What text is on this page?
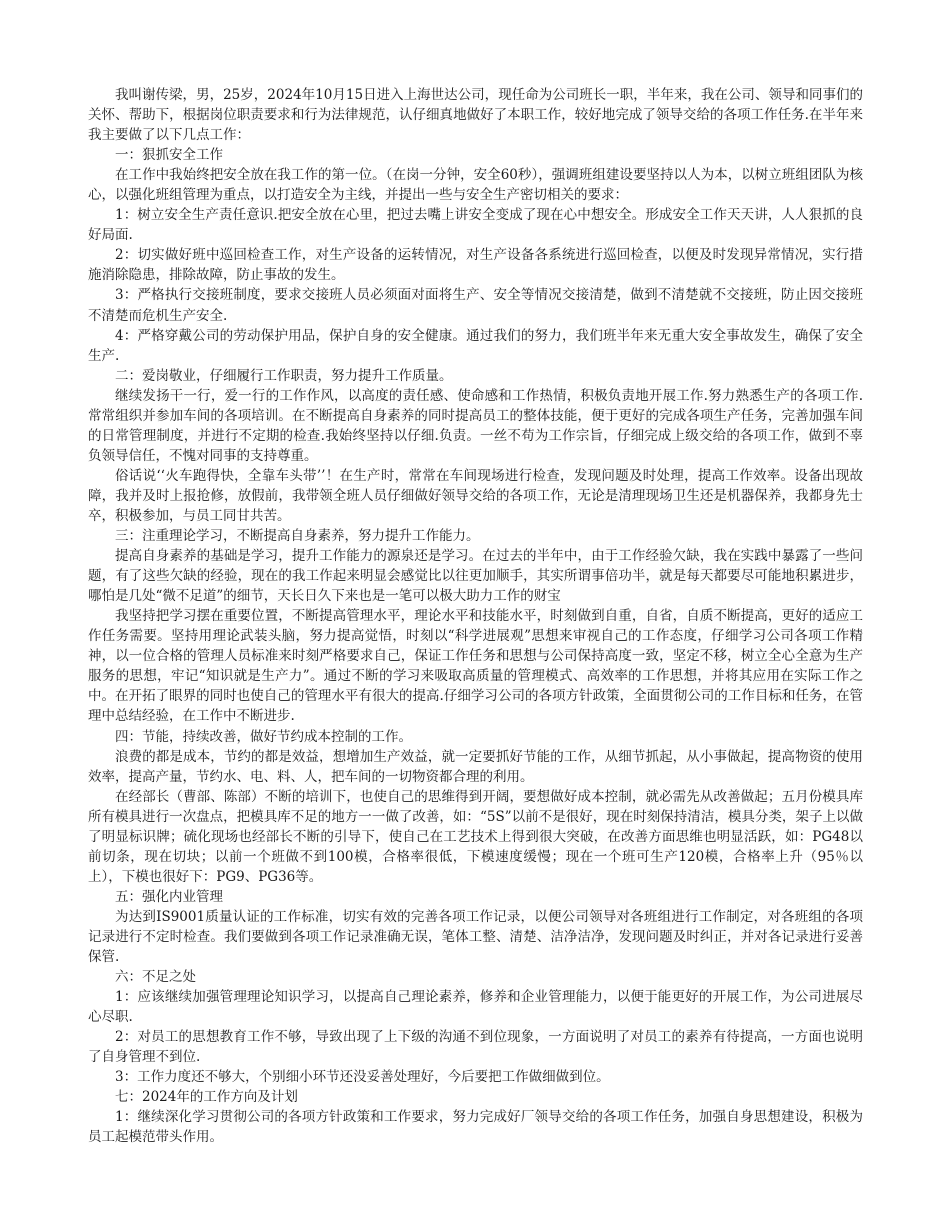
我叫谢传梁，男，25岁，2024年10月15日进入上海世达公司，现任命为公司班长一职，半年来，我在公司、领导和同事们的关怀、帮助下，根据岗位职责要求和行为法律规范，认仔细真地做好了本职工作，较好地完成了领导交给的各项工作任务.在半年来我主要做了以下几点工作：

一：狠抓安全工作

在工作中我始终把安全放在我工作的第一位。（在岗一分钟，安全60秒），强调班组建设要坚持以人为本，以树立班组团队为核心，以强化班组管理为重点，以打造安全为主线，并提出一些与安全生产密切相关的要求：

1：树立安全生产责任意识.把安全放在心里，把过去嘴上讲安全变成了现在心中想安全。形成安全工作天天讲，人人狠抓的良好局面.

2：切实做好班中巡回检查工作，对生产设备的运转情况，对生产设备各系统进行巡回检查，以便及时发现异常情况，实行措施消除隐患，排除故障，防止事故的发生。

3：严格执行交接班制度，要求交接班人员必须面对面将生产、安全等情况交接清楚，做到不清楚就不交接班，防止因交接班不清楚而危机生产安全.

4：严格穿戴公司的劳动保护用品，保护自身的安全健康。通过我们的努力，我们班半年来无重大安全事故发生，确保了安全生产.

二：爱岗敬业，仔细履行工作职责，努力提升工作质量。

继续发扬干一行，爱一行的工作作风，以高度的责任感、使命感和工作热情，积极负责地开展工作.努力熟悉生产的各项工作.常常组织并参加车间的各项培训。在不断提高自身素养的同时提高员工的整体技能，便于更好的完成各项生产任务，完善加强车间的日常管理制度，并进行不定期的检查.我始终坚持以仔细.负责。一丝不苟为工作宗旨，仔细完成上级交给的各项工作，做到不辜负领导信任，不愧对同事的支持尊重。

俗话说‘‘火车跑得快，全靠车头带’’！在生产时，常常在车间现场进行检查，发现问题及时处理，提高工作效率。设备出现故障，我并及时上报抢修，放假前，我带领全班人员仔细做好领导交给的各项工作，无论是清理现场卫生还是机器保养，我都身先士卒，积极参加，与员工同甘共苦。

三：注重理论学习，不断提高自身素养，努力提升工作能力。

提高自身素养的基础是学习，提升工作能力的源泉还是学习。在过去的半年中，由于工作经验欠缺，我在实践中暴露了一些问题，有了这些欠缺的经验，现在的我工作起来明显会感觉比以往更加顺手，其实所谓事倍功半，就是每天都要尽可能地积累进步，哪怕是几处“微不足道”的细节，天长日久下来也是一笔可以极大助力工作的财宝

我坚持把学习摆在重要位置，不断提高管理水平，理论水平和技能水平，时刻做到自重，自省，自质不断提高，更好的适应工作任务需要。坚持用理论武装头脑，努力提高觉悟，时刻以“科学进展观”思想来审视自己的工作态度，仔细学习公司各项工作精神，以一位合格的管理人员标准来时刻严格要求自己，保证工作任务和思想与公司保持高度一致，坚定不移，树立全心全意为生产服务的思想，牢记“知识就是生产力”。通过不断的学习来吸取高质量的管理模式、高效率的工作思想，并将其应用在实际工作之中。在开拓了眼界的同时也使自己的管理水平有很大的提高.仔细学习公司的各项方针政策，全面贯彻公司的工作目标和任务，在管理中总结经验，在工作中不断进步.

四：节能，持续改善，做好节约成本控制的工作。

浪费的都是成本，节约的都是效益，想增加生产效益，就一定要抓好节能的工作，从细节抓起，从小事做起，提高物资的使用效率，提高产量，节约水、电、料、人，把车间的一切物资都合理的利用。

在经部长（曹部、陈部）不断的培训下，也使自己的思维得到开阔，要想做好成本控制，就必需先从改善做起；五月份模具库所有模具进行一次盘点，把模具库不足的地方一一做了改善，如：“5S”以前不是很好，现在时刻保持清洁，模具分类，架子上以做了明显标识牌；硫化现场也经部长不断的引导下，使自己在工艺技术上得到很大突破，在改善方面思维也明显活跃，如：PG48以前切条，现在切块；以前一个班做不到100模，合格率很低，下模速度缓慢；现在一个班可生产120模，合格率上升（95％以上），下模也很好下：PG9、PG36等。

五：强化内业管理

为达到IS9001质量认证的工作标准，切实有效的完善各项工作记录，以便公司领导对各班组进行工作制定，对各班组的各项记录进行不定时检查。我们要做到各项工作记录准确无误，笔体工整、清楚、洁净洁净，发现问题及时纠正，并对各记录进行妥善保管.

六：不足之处

1：应该继续加强管理理论知识学习，以提高自己理论素养，修养和企业管理能力，以便于能更好的开展工作，为公司进展尽心尽职.

2：对员工的思想教育工作不够，导致出现了上下级的沟通不到位现象，一方面说明了对员工的素养有待提高，一方面也说明了自身管理不到位.

3：工作力度还不够大，个别细小环节还没妥善处理好，今后要把工作做细做到位。

七：2024年的工作方向及计划

1：继续深化学习贯彻公司的各项方针政策和工作要求，努力完成好厂领导交给的各项工作任务，加强自身思想建设，积极为员工起模范带头作用。
